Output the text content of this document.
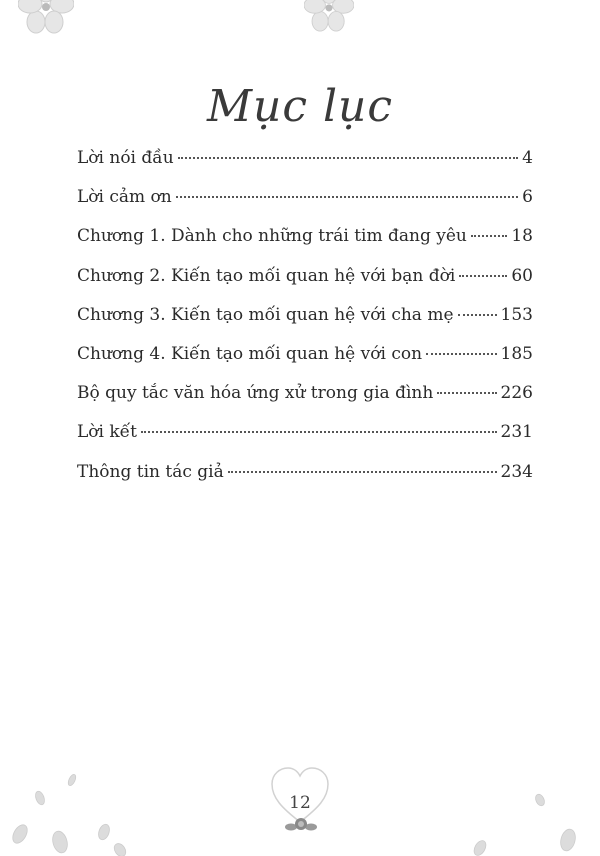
Mục lục
Lời nói đầu	4
Lời cảm ơn	6
Chương 1. Dành cho những trái tim đang yêu	18
Chương 2. Kiến tạo mối quan hệ với bạn đời	60
Chương 3. Kiến tạo mối quan hệ với cha mẹ	153
Chương 4. Kiến tạo mối quan hệ với con	185
Bộ quy tắc văn hóa ứng xử trong gia đình	226
Lời kết	231
Thông tin tác giả	234
12
